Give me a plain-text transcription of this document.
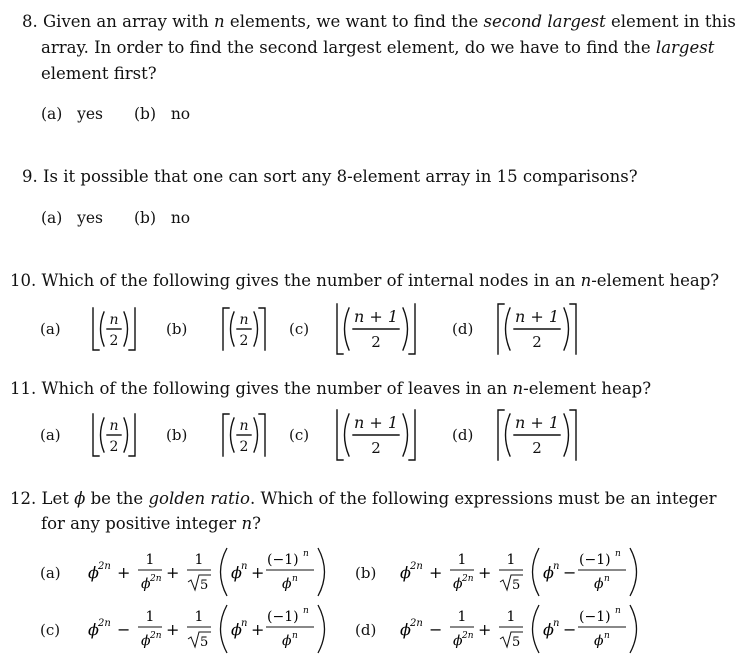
8. Given an array with n elements, we want to find the second largest element in this
array. In order to find the second largest element, do we have to find the largest
element first?
(a) yes (b) no
9. Is it possible that one can sort any 8-element array in 15 comparisons?
(a) yes (b) no
10. Which of the following gives the number of internal nodes in an n-element heap?
(a)	(b)	(c)	(d)
n
2
n
2
n + 1
2
n + 1
2
11. Which of the following gives the number of leaves in an n-element heap?
(a)	(b)	(c)	(d)
n
2
n
2
n + 1
2
n + 1
2
12. Let ϕ be the golden ratio. Which of the following expressions must be an integer
for any positive integer n?
(a)	(b)
(c)	(d)
ϕ 2n +
1
ϕ 2n +
1
5
ϕ n +
(−1) n
ϕ n	ϕ 2n +
1
ϕ 2n +
1
5
ϕ n −
(−1) n
ϕ n
ϕ 2n −
1
ϕ 2n +
1
5
ϕ n +
(−1) n
ϕ n	ϕ 2n −
1
ϕ 2n +
1
5
ϕ n −
(−1) n
ϕ n
